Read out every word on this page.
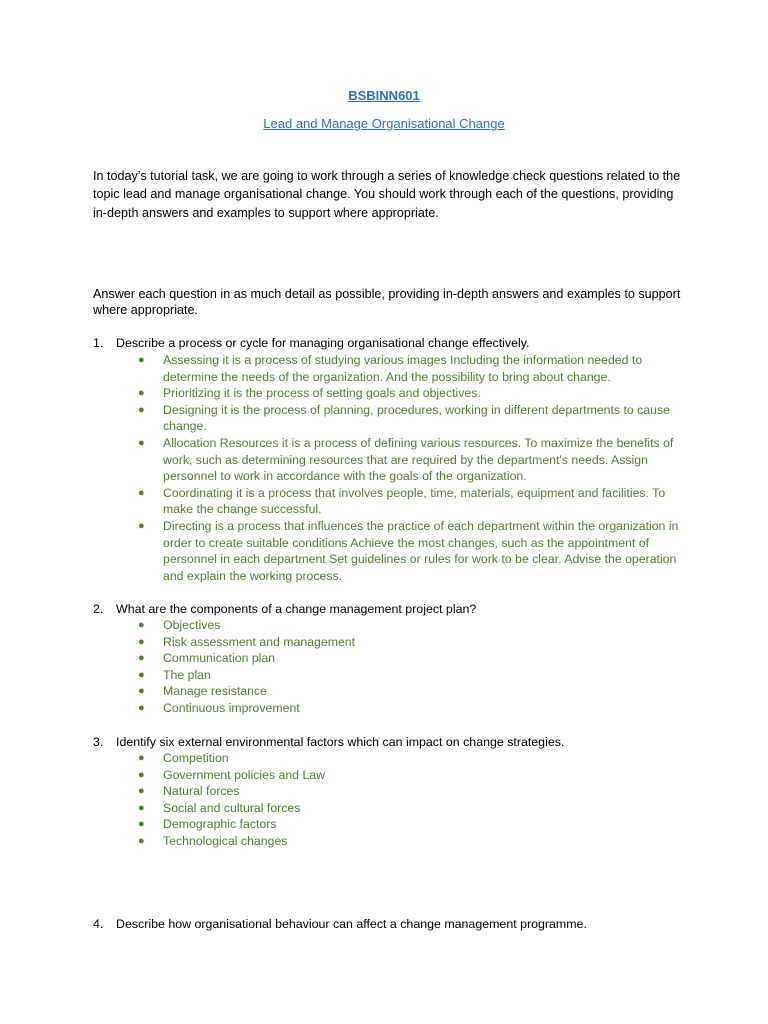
BSBINN601
Lead and Manage Organisational Change

In today’s tutorial task, we are going to work through a series of knowledge check questions related to the topic lead and manage organisational change. You should work through each of the questions, providing in-depth answers and examples to support where appropriate.

Answer each question in as much detail as possible, providing in-depth answers and examples to support where appropriate.

1. Describe a process or cycle for managing organisational change effectively.
● Assessing it is a process of studying various images Including the information needed to determine the needs of the organization. And the possibility to bring about change.
● Prioritizing it is the process of setting goals and objectives.
● Designing it is the process of planning, procedures, working in different departments to cause change.
● Allocation Resources it is a process of defining various resources. To maximize the benefits of work, such as determining resources that are required by the department's needs. Assign personnel to work in accordance with the goals of the organization.
● Coordinating it is a process that involves people, time, materials, equipment and facilities. To make the change successful.
● Directing is a process that influences the practice of each department within the organization in order to create suitable conditions Achieve the most changes, such as the appointment of personnel in each department Set guidelines or rules for work to be clear. Advise the operation and explain the working process.
2. What are the components of a change management project plan?
● Objectives
● Risk assessment and management
● Communication plan
● The plan
● Manage resistance
● Continuous improvement
3. Identify six external environmental factors which can impact on change strategies.
● Competition
● Government policies and Law
● Natural forces
● Social and cultural forces
● Demographic factors
● Technological changes
4. Describe how organisational behaviour can affect a change management programme.
